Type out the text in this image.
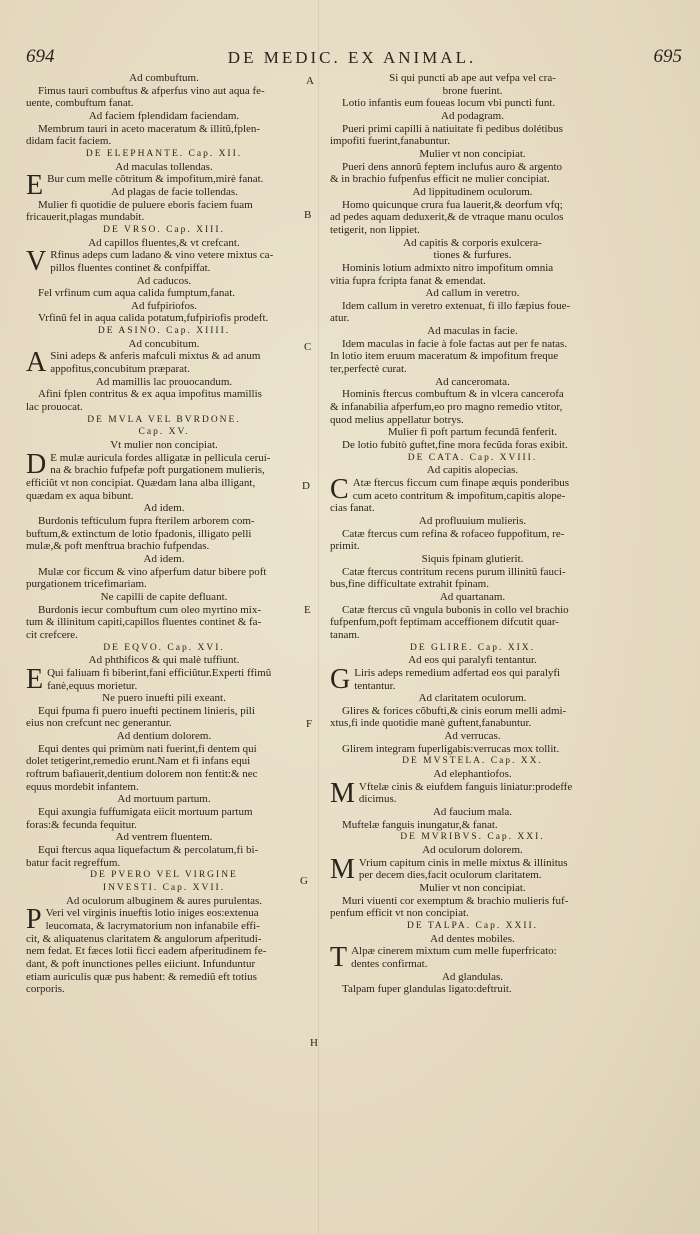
694	DE MEDIC. EX ANIMAL.	695
Ad combuftum.
Fimus tauri combuftus & afperfus vino aut aqua fe-
uente, combuftum fanat.
Ad faciem fplendidam faciendam.
Membrum tauri in aceto maceratum & illitũ,fplen-
didam facit faciem.
DE ELEPHANTE. Cap. XII.
Ad maculas tollendas.
E Bur cum melle cõtritum & impofitum,mirè fanat.
Ad plagas de facie tollendas.
Mulier fi quotidie de puluere eboris faciem fuam
fricauerit,plagas mundabit.
DE VRSO. Cap. XIII.
Ad capillos fluentes,& vt crefcant.
V Rfinus adeps cum ladano & vino vetere mixtus ca-
pillos fluentes continet & confpiffat.
Ad caducos.
Fel vrfinum cum aqua calida fumptum,fanat.
Ad fufpiriofos.
Vrfinũ fel in aqua calida potatum,fufpiriofis prodeft.
DE ASINO. Cap. XIIII.
Ad concubitum.
A Sini adeps & anferis mafculi mixtus & ad anum
appofitus,concubitum præparat.
Ad mamillis lac prouocandum.
Afini fplen contritus & ex aqua impofitus mamillis
lac prouocat.
DE MVLA VEL BVRDONE.
Cap. XV.
Vt mulier non concipiat.
D E mulæ auricula fordes alligatæ in pellicula ceruí-
na & brachio fufpefæ poft purgationem mulieris,
efficiũt vt non concipiat. Quædam lana alba illigant,
quædam ex aqua bibunt.
Ad idem.
Burdonis tefticulum fupra fterilem arborem com-
buftum,& extinctum de lotio fpadonis, illigato pelli
mulæ,& poft menftrua brachio fufpendas.
Ad idem.
Mulæ cor ficcum & vino afperfum datur bibere poft
purgationem tricefimariam.
Ne capilli de capite defluant.
Burdonis iecur combuftum cum oleo myrtino mix-
tum & illinitum capiti,capillos fluentes continet & fa-
cit crefcere.
DE EQVO. Cap. XVI.
Ad phthificos & qui malè tuffiunt.
E Qui faliuam fi biberint,fani efficiũtur.Experti ffimũ
fanè,equus morietur.
Ne puero inuefti pili exeant.
Equi fpuma fi puero inuefti pectinem linieris, pili
eius non crefcunt nec generantur.
Ad dentium dolorem.
Equi dentes qui primùm nati fuerint,fi dentem qui
dolet tetigerint,remedio erunt.Nam et fi infans equi
roftrum bafiauerit,dentium dolorem non fentit:& nec
equus mordebit infantem.
Ad mortuum partum.
Equi axungia fuffumigata eiicit mortuum partum
foras:& fecunda fequitur.
Ad ventrem fluentem.
Equi ftercus aqua liquefactum & percolatum,fi bi-
batur facit regreffum.
DE PVERO VEL VIRGINE
INVESTI. Cap. XVII.
Ad oculorum albuginem & aures purulentas.
P Veri vel virginis inueftis lotio iniges eos:extenua
leucomata, & lacrymatorium non infanabile effi-
cit, & aliquatenus claritatem & angulorum afperitudi-
nem fedat. Et fæces lotii ficci eadem afperitudinem fe-
dant, & poft inunctiones pelles eiiciunt. Infunduntur
etiam auriculis quæ pus habent: & remediũ eft totius
corporis.
Si qui puncti ab ape aut vefpa vel cra-
brone fuerint.
Lotio infantis eum foueas locum vbi puncti funt.
Ad podagram.
Pueri primi capilli à natiuitate fi pedibus dolétibus
impofiti fuerint,fanabuntur.
Mulier vt non concipiat.
Pueri dens annorũ feptem inclufus auro & argento
& in brachio fufpenfus efficit ne mulier concipiat.
Ad lippitudinem oculorum.
Homo quicunque crura fua lauerit,& deorfum vfq;
ad pedes aquam deduxerit,& de vtraque manu oculos
tetigerit, non lippiet.
Ad capitis & corporis exulcera-
tiones & furfures.
Hominis lotium admixto nitro impofitum omnia
vitia fupra fcripta fanat & emendat.
Ad callum in veretro.
Idem callum in veretro extenuat, fi illo fæpius foue-
atur.
Ad maculas in facie.
Idem maculas in facie à fole factas aut per fe natas.
In lotio item eruum maceratum & impofitum freque
ter,perfectè curat.
Ad canceromata.
Hominis ftercus combuftum & in vlcera cancerofa
& infanabilia afperfum,eo pro magno remedio vtitor,
quod melius appellatur botrys.
Mulier fi poft partum fecundã fenferit.
De lotio fubitò guftet,fine mora fecũda foras exibit.
DE CATA. Cap. XVIII.
Ad capitis alopecias.
C Atæ ftercus ficcum cum finape æquis ponderibus
cum aceto contritum & impofitum,capitis alope-
cias fanat.
Ad profluuium mulieris.
Catæ ftercus cum refina & rofaceo fuppofitum, re-
primit.
Siquis fpinam glutierit.
Catæ ftercus contritum recens purum illinitũ fauci-
bus,fine difficultate extrahit fpinam.
Ad quartanam.
Catæ ftercus cũ vngula bubonis in collo vel brachio
fufpenfum,poft feptimam acceffionem difcutit quar-
tanam.
DE GLIRE. Cap. XIX.
Ad eos qui paralyfi tentantur.
G Liris adeps remedium adfertad eos qui paralyfi
tentantur.
Ad claritatem oculorum.
Glires & forices cõbufti,& cinis eorum melli admi-
xtus,fi inde quotidie manè guftent,fanabuntur.
Ad verrucas.
Glirem integram fuperligabis:verrucas mox tollit.
DE MVSTELA. Cap. XX.
Ad elephantiofos.
M Vftelæ cinis & eiufdem fanguis liniatur:prodeffe
dicimus.
Ad faucium mala.
Muftelæ fanguis inungatur,& fanat.
DE MVRIBVS. Cap. XXI.
Ad oculorum dolorem.
M Vrium capitum cinis in melle mixtus & illinitus
per decem dies,facit oculorum claritatem.
Mulier vt non concipiat.
Muri viuenti cor exemptum & brachio mulieris fuf-
penfum efficit vt non concipiat.
DE TALPA. Cap. XXII.
Ad dentes mobiles.
T Alpæ cinerem mixtum cum melle fuperfricato:
dentes confirmat.
Ad glandulas.
Talpam fuper glandulas ligato:deftruit.
A
B
C
D
E
F
G
H
